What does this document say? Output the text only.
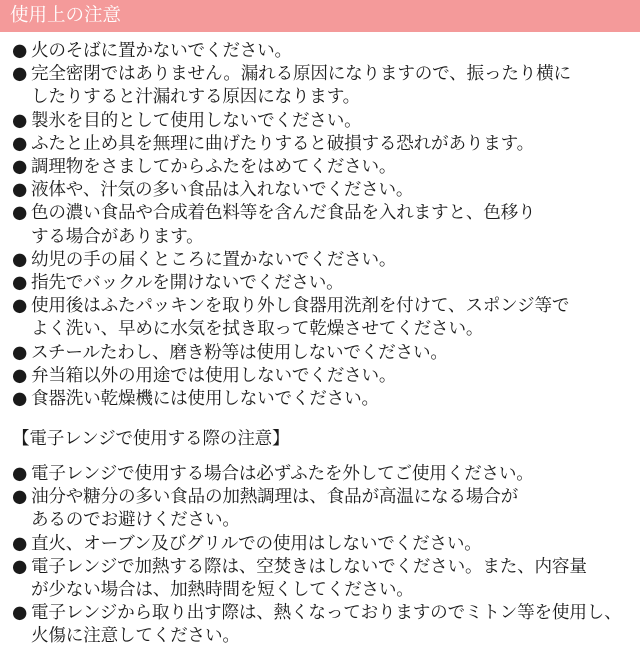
使用上の注意
● 火のそばに置かないでください。
● 完全密閉ではありません。漏れる原因になりますので、振ったり横に
したりすると汁漏れする原因になります。
● 製氷を目的として使用しないでください。
● ふたと止め具を無理に曲げたりすると破損する恐れがあります。
● 調理物をさましてからふたをはめてください。
● 液体や、汁気の多い食品は入れないでください。
● 色の濃い食品や合成着色料等を含んだ食品を入れますと、色移り
する場合があります。
● 幼児の手の届くところに置かないでください。
● 指先でバックルを開けないでください。
● 使用後はふたパッキンを取り外し食器用洗剤を付けて、スポンジ等で
よく洗い、早めに水気を拭き取って乾燥させてください。
● スチールたわし、磨き粉等は使用しないでください。
● 弁当箱以外の用途では使用しないでください。
● 食器洗い乾燥機には使用しないでください。
【電子レンジで使用する際の注意】
● 電子レンジで使用する場合は必ずふたを外してご使用ください。
● 油分や糖分の多い食品の加熱調理は、食品が高温になる場合が
あるのでお避けください。
● 直火、オーブン及びグリルでの使用はしないでください。
● 電子レンジで加熱する際は、空焚きはしないでください。また、内容量
が少ない場合は、加熱時間を短くしてください。
● 電子レンジから取り出す際は、熱くなっておりますのでミトン等を使用し、
火傷に注意してください。
